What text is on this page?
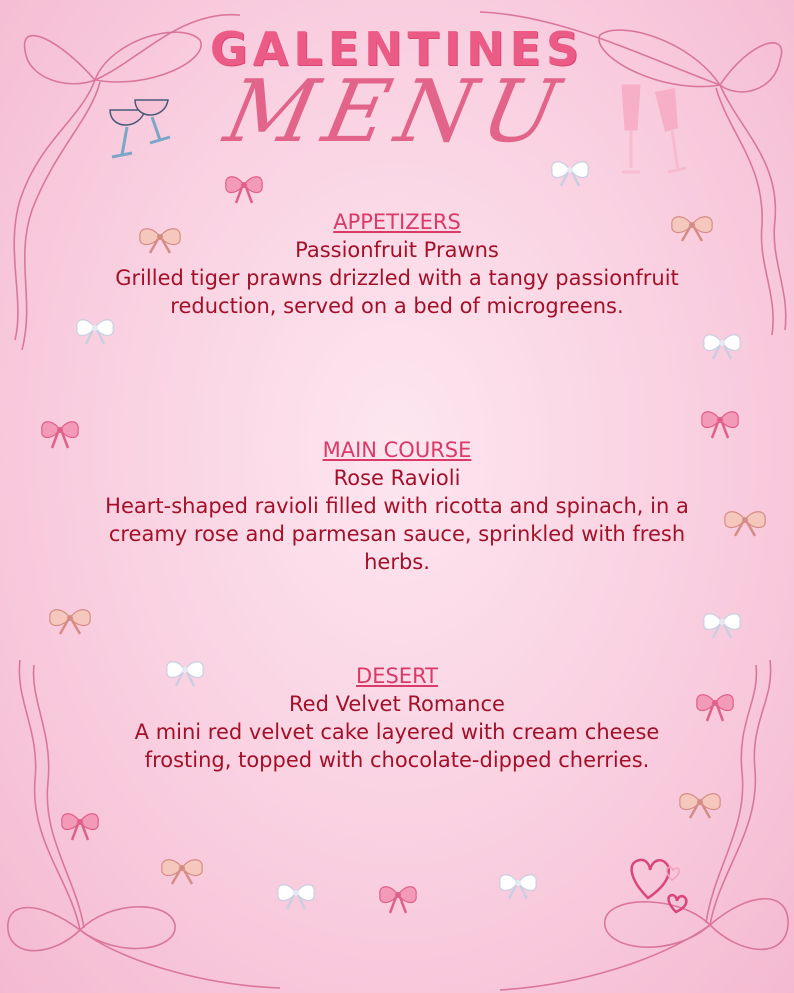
GALENTINES
MENU
APPETIZERS
Passionfruit Prawns
Grilled tiger prawns drizzled with a tangy passionfruit reduction, served on a bed of microgreens.
MAIN COURSE
Rose Ravioli
Heart-shaped ravioli filled with ricotta and spinach, in a creamy rose and parmesan sauce, sprinkled with fresh herbs.
DESERT
Red Velvet Romance
A mini red velvet cake layered with cream cheese frosting, topped with chocolate-dipped cherries.
